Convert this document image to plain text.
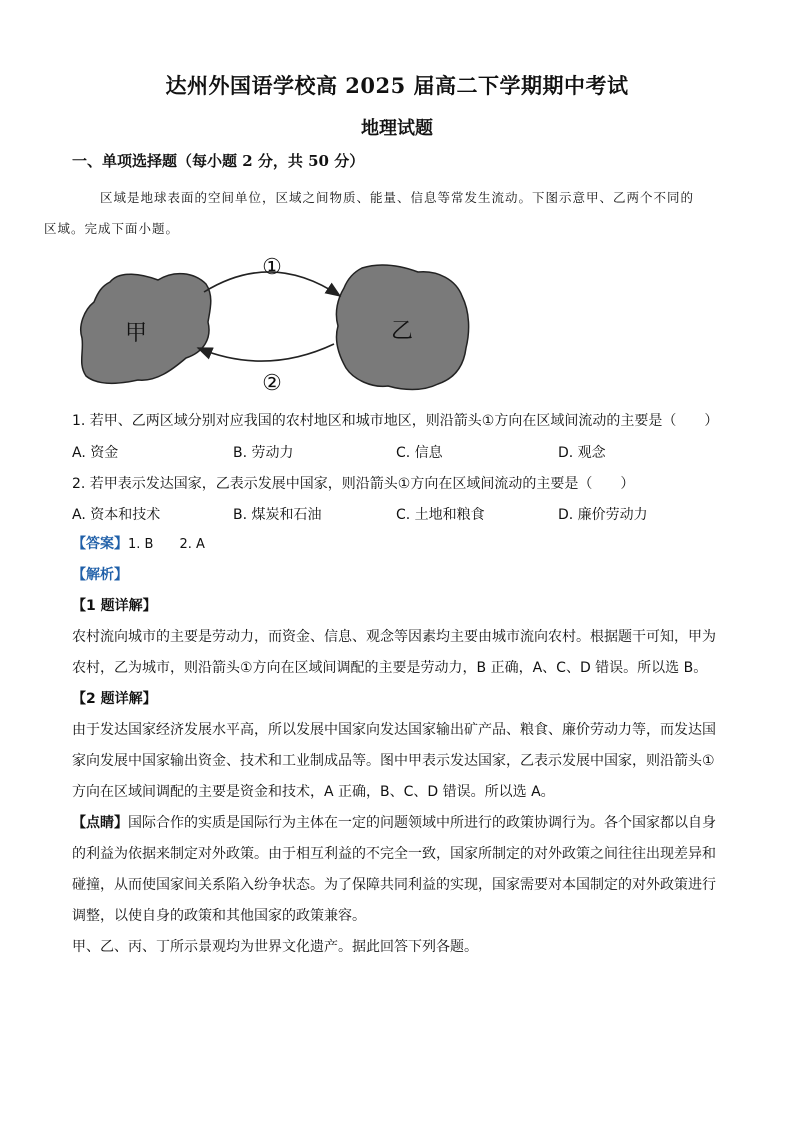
达州外国语学校高 2025 届高二下学期期中考试
地理试题
一、单项选择题（每小题 2 分，共 50 分）
区域是地球表面的空间单位，区域之间物质、能量、信息等常发生流动。下图示意甲、乙两个不同的
区域。完成下面小题。
甲	乙
①
②
1. 若甲、乙两区域分别对应我国的农村地区和城市地区，则沿箭头①方向在区域间流动的主要是（　　）
A. 资金	B. 劳动力	C. 信息	D. 观念
2. 若甲表示发达国家，乙表示发展中国家，则沿箭头①方向在区域间流动的主要是（　　）
A. 资本和技术	B. 煤炭和石油	C. 土地和粮食	D. 廉价劳动力
【答案】1. B　　2. A
【解析】
【1 题详解】
农村流向城市的主要是劳动力，而资金、信息、观念等因素均主要由城市流向农村。根据题干可知，甲为
农村，乙为城市，则沿箭头①方向在区域间调配的主要是劳动力，B 正确，A、C、D 错误。所以选 B。
【2 题详解】
由于发达国家经济发展水平高，所以发展中国家向发达国家输出矿产品、粮食、廉价劳动力等，而发达国
家向发展中国家输出资金、技术和工业制成品等。图中甲表示发达国家，乙表示发展中国家，则沿箭头①
方向在区域间调配的主要是资金和技术，A 正确，B、C、D 错误。所以选 A。
【点睛】国际合作的实质是国际行为主体在一定的问题领域中所进行的政策协调行为。各个国家都以自身
的利益为依据来制定对外政策。由于相互利益的不完全一致，国家所制定的对外政策之间往往出现差异和
碰撞，从而使国家间关系陷入纷争状态。为了保障共同利益的实现，国家需要对本国制定的对外政策进行
调整，以使自身的政策和其他国家的政策兼容。
甲、乙、丙、丁所示景观均为世界文化遗产。据此回答下列各题。
